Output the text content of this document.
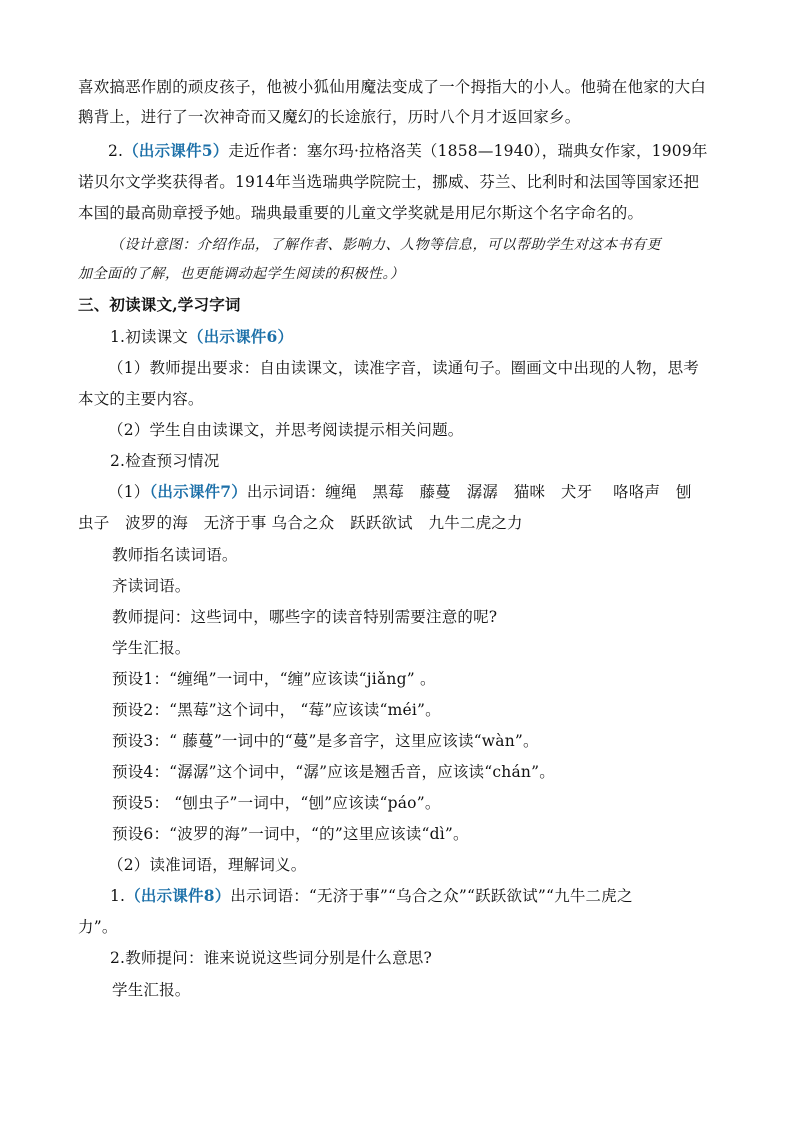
喜欢搞恶作剧的顽皮孩子，他被小狐仙用魔法变成了一个拇指大的小人。他骑在他家的大白
鹅背上，进行了一次神奇而又魔幻的长途旅行，历时八个月才返回家乡。
2.（出示课件5）走近作者：塞尔玛·拉格洛芙（1858—1940），瑞典女作家，1909年
诺贝尔文学奖获得者。1914年当选瑞典学院院士，挪威、芬兰、比利时和法国等国家还把
本国的最高勋章授予她。瑞典最重要的儿童文学奖就是用尼尔斯这个名字命名的。
（设计意图：介绍作品，了解作者、影响力、人物等信息，可以帮助学生对这本书有更
加全面的了解，也更能调动起学生阅读的积极性。）
三、初读课文,学习字词
1.初读课文（出示课件6）
（1）教师提出要求：自由读课文，读准字音，读通句子。圈画文中出现的人物，思考
本文的主要内容。
（2）学生自由读课文，并思考阅读提示相关问题。
2.检查预习情况
（1）（出示课件7）出示词语：缠绳　黑莓　藤蔓　潺潺　猫咪　犬牙　 咯咯声　刨
虫子　波罗的海　无济于事 乌合之众　跃跃欲试　九牛二虎之力
教师指名读词语。
齐读词语。
教师提问：这些词中，哪些字的读音特别需要注意的呢?
学生汇报。
预设1：“缠绳”一词中，“缠”应该读“jiǎng” 。
预设2：“黑莓”这个词中， “莓”应该读“méi”。
预设3：“ 藤蔓”一词中的“蔓”是多音字，这里应该读“wàn”。
预设4：“潺潺”这个词中，“潺”应该是翘舌音，应该读“chán”。
预设5： “刨虫子”一词中，“刨”应该读“páo”。
预设6：“波罗的海”一词中，“的”这里应该读“dì”。
（2）读准词语，理解词义。
1.（出示课件8）出示词语：“无济于事”“乌合之众”“跃跃欲试”“九牛二虎之
力”。
2.教师提问：谁来说说这些词分别是什么意思?
学生汇报。
